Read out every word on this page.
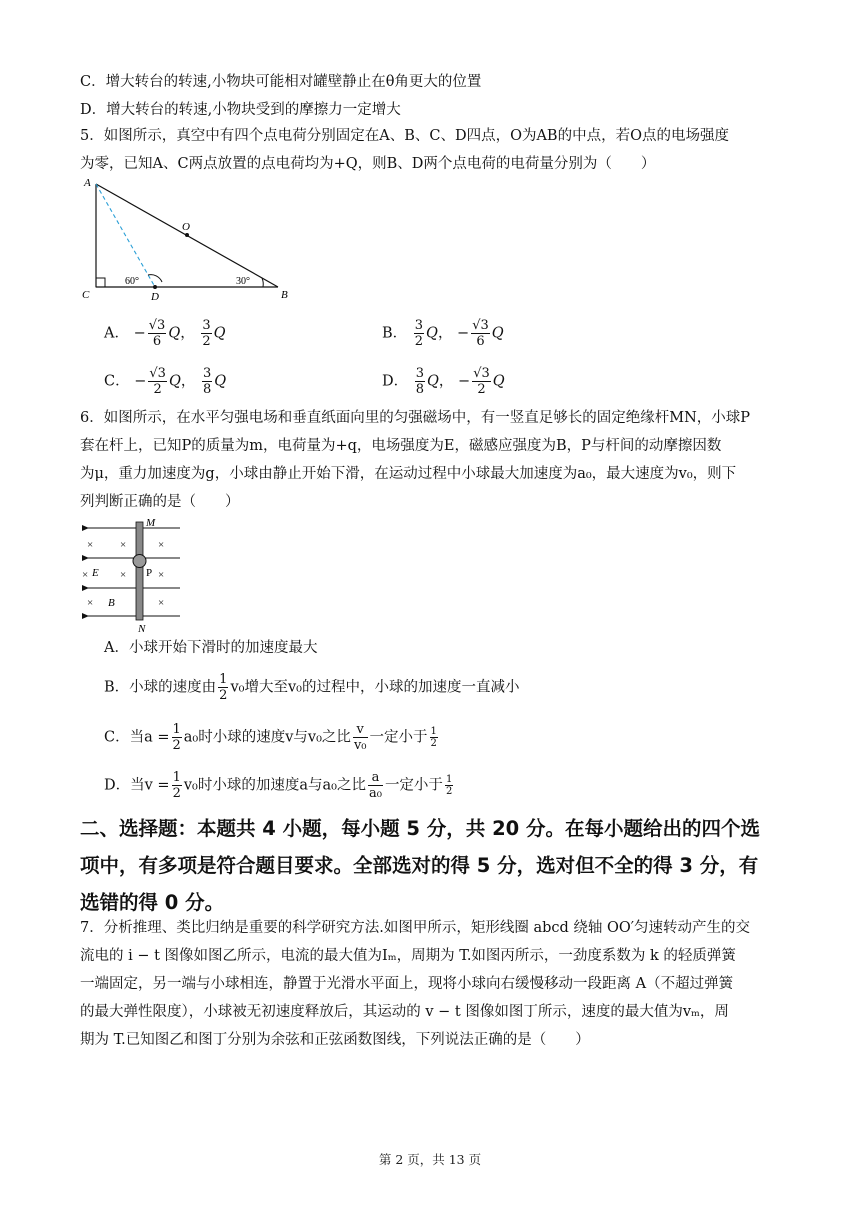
C．增大转台的转速,小物块可能相对罐壁静止在θ角更大的位置
D．增大转台的转速,小物块受到的摩擦力一定增大
5．如图所示，真空中有四个点电荷分别固定在A、B、C、D四点，O为AB的中点，若O点的电场强度
为零，已知A、C两点放置的点电荷均为+Q，则B、D两个点电荷的电荷量分别为（　　）
A
O
C	D	B
60°	30°
A． − $\frac{√3}{6}$ Q， $\frac{3}{2}$ Q	B． $\frac{3}{2}$ Q， − $\frac{√3}{6}$ Q
C． − $\frac{√3}{2}$ Q， $\frac{3}{8}$ Q	D． $\frac{3}{8}$ Q， − $\frac{√3}{2}$ Q
6．如图所示，在水平匀强电场和垂直纸面向里的匀强磁场中，有一竖直足够长的固定绝缘杆MN，小球P
套在杆上，已知P的质量为m，电荷量为+q，电场强度为E，磁感应强度为B，P与杆间的动摩擦因数
为μ，重力加速度为g，小球由静止开始下滑，在运动过程中小球最大加速度为a₀，最大速度为v₀，则下
列判断正确的是（　　）
× ×	×
×	×
×
×	×
M
N
P
E
B
A．小球开始下滑时的加速度最大
B．小球的速度由 $\frac{1}{2} v_0$增大至v₀的过程中，小球的加速度一直减小
C．当$a = \frac{1}{2} a_0$时小球的速度v与v₀之比 $\frac{v}{\text{v₀}}$ 一定小于 $\frac{1}{2}$
D．当$v = \frac{1}{2} v_0$时小球的加速度a与a₀之比 $\frac{a}{\text{a₀}}$ 一定小于 $\frac{1}{2}$
二、选择题：本题共 4 小题，每小题 5 分，共 20 分。在每小题给出的四个选
项中，有多项是符合题目要求。全部选对的得 5 分，选对但不全的得 3 分，有
选错的得 0 分。
7．分析推理、类比归纳是重要的科学研究方法.如图甲所示，矩形线圈 abcd 绕轴 OO′匀速转动产生的交
流电的 i − t 图像如图乙所示，电流的最大值为Iₘ，周期为 T.如图丙所示，一劲度系数为 k 的轻质弹簧
一端固定，另一端与小球相连，静置于光滑水平面上，现将小球向右缓慢移动一段距离 A（不超过弹簧
的最大弹性限度），小球被无初速度释放后，其运动的 v − t 图像如图丁所示，速度的最大值为vₘ，周
期为 T.已知图乙和图丁分别为余弦和正弦函数图线，下列说法正确的是（　　）
第 2 页，共 13 页
